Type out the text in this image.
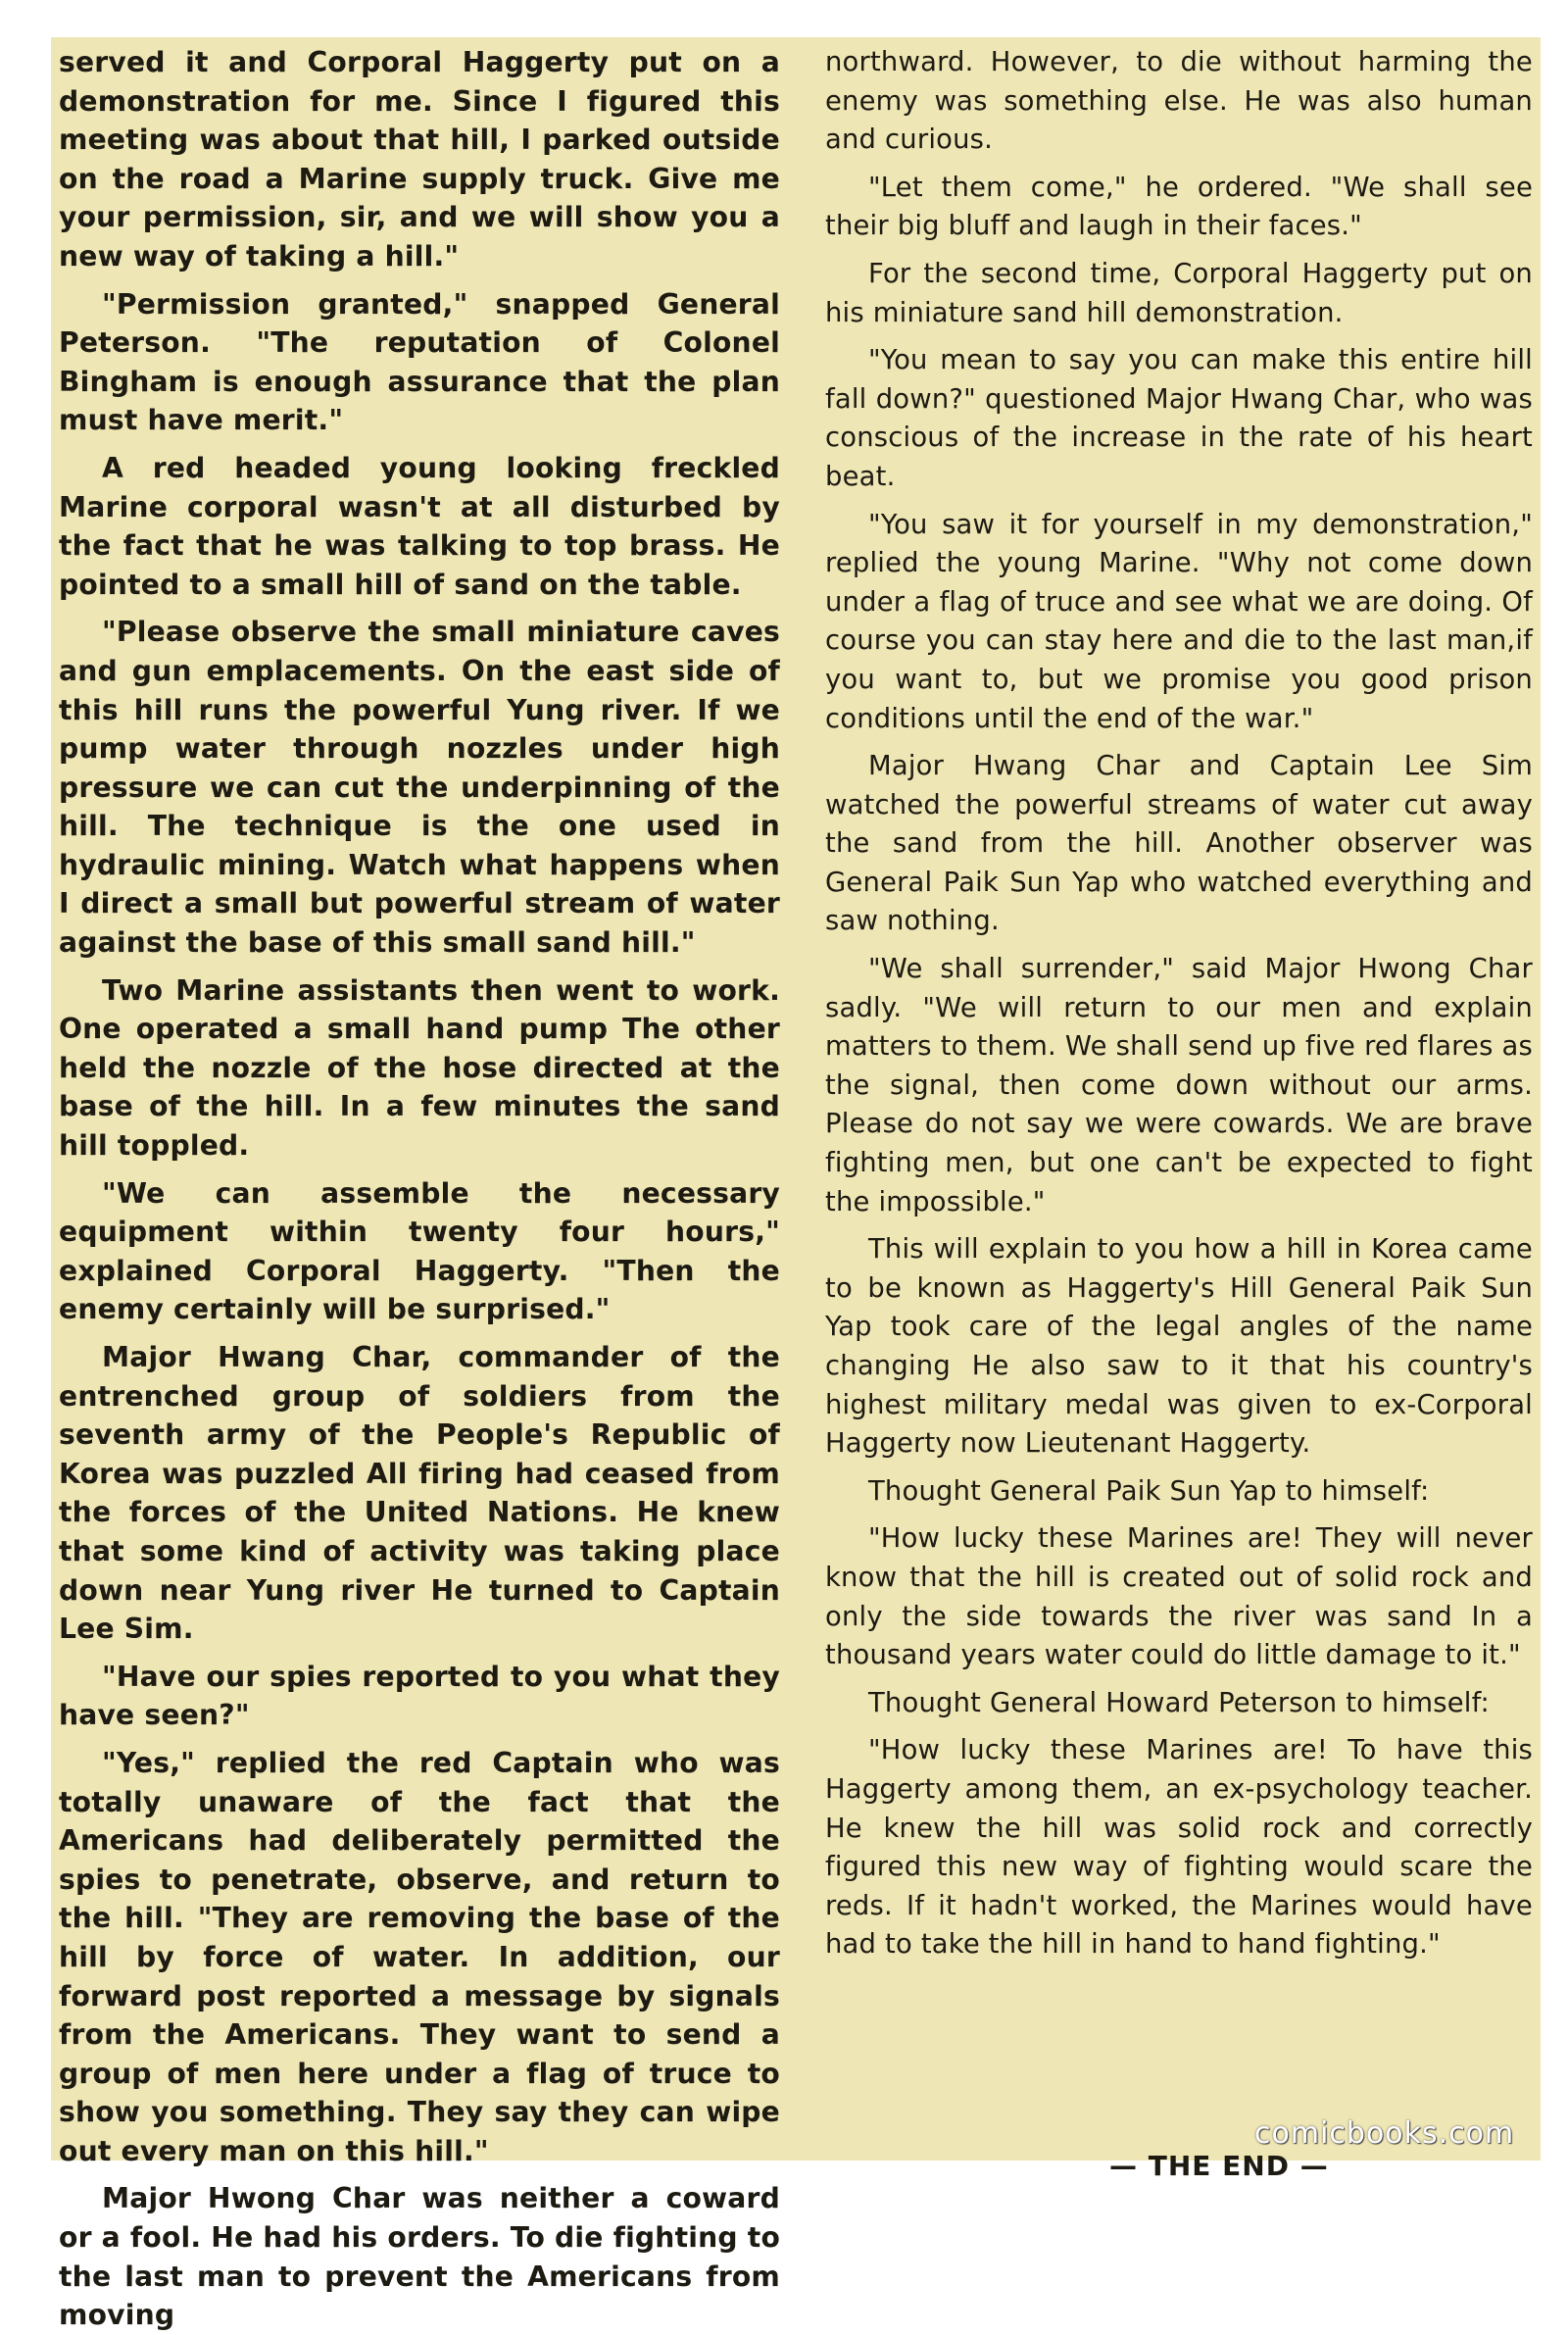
served it and Corporal Haggerty put on a demonstration for me. Since I figured this meeting was about that hill, I parked outside on the road a Marine supply truck. Give me your permission, sir, and we will show you a new way of taking a hill."

"Permission granted," snapped General Peterson. "The reputation of Colonel Bingham is enough assurance that the plan must have merit."

A red headed young looking freckled Marine corporal wasn't at all disturbed by the fact that he was talking to top brass. He pointed to a small hill of sand on the table.

"Please observe the small miniature caves and gun emplacements. On the east side of this hill runs the powerful Yung river. If we pump water through nozzles under high pressure we can cut the underpinning of the hill. The technique is the one used in hydraulic mining. Watch what happens when I direct a small but powerful stream of water against the base of this small sand hill."

Two Marine assistants then went to work. One operated a small hand pump The other held the nozzle of the hose directed at the base of the hill. In a few minutes the sand hill toppled.

"We can assemble the necessary equipment within twenty four hours," explained Corporal Haggerty. "Then the enemy certainly will be surprised."

Major Hwang Char, commander of the entrenched group of soldiers from the seventh army of the People's Republic of Korea was puzzled All firing had ceased from the forces of the United Nations. He knew that some kind of activity was taking place down near Yung river He turned to Captain Lee Sim.

"Have our spies reported to you what they have seen?"

"Yes," replied the red Captain who was totally unaware of the fact that the Americans had deliberately permitted the spies to penetrate, observe, and return to the hill. "They are removing the base of the hill by force of water. In addition, our forward post reported a message by signals from the Americans. They want to send a group of men here under a flag of truce to show you something. They say they can wipe out every man on this hill."

Major Hwong Char was neither a coward or a fool. He had his orders. To die fighting to the last man to prevent the Americans from moving

northward. However, to die without harming the enemy was something else. He was also human and curious.

"Let them come," he ordered. "We shall see their big bluff and laugh in their faces."

For the second time, Corporal Haggerty put on his miniature sand hill demonstration.

"You mean to say you can make this entire hill fall down?" questioned Major Hwang Char, who was conscious of the increase in the rate of his heart beat.

"You saw it for yourself in my demonstration," replied the young Marine. "Why not come down under a flag of truce and see what we are doing. Of course you can stay here and die to the last man,if you want to, but we promise you good prison conditions until the end of the war."

Major Hwang Char and Captain Lee Sim watched the powerful streams of water cut away the sand from the hill. Another observer was General Paik Sun Yap who watched everything and saw nothing.

"We shall surrender," said Major Hwong Char sadly. "We will return to our men and explain matters to them. We shall send up five red flares as the signal, then come down without our arms. Please do not say we were cowards. We are brave fighting men, but one can't be expected to fight the impossible."

This will explain to you how a hill in Korea came to be known as Haggerty's Hill General Paik Sun Yap took care of the legal angles of the name changing He also saw to it that his country's highest military medal was given to ex-Corporal Haggerty now Lieutenant Haggerty.

Thought General Paik Sun Yap to himself:

"How lucky these Marines are! They will never know that the hill is created out of solid rock and only the side towards the river was sand In a thousand years water could do little damage to it."

Thought General Howard Peterson to himself:

"How lucky these Marines are! To have this Haggerty among them, an ex-psychology teacher. He knew the hill was solid rock and correctly figured this new way of fighting would scare the reds. If it hadn't worked, the Marines would have had to take the hill in hand to hand fighting."

— THE END —
comicbooks.com
